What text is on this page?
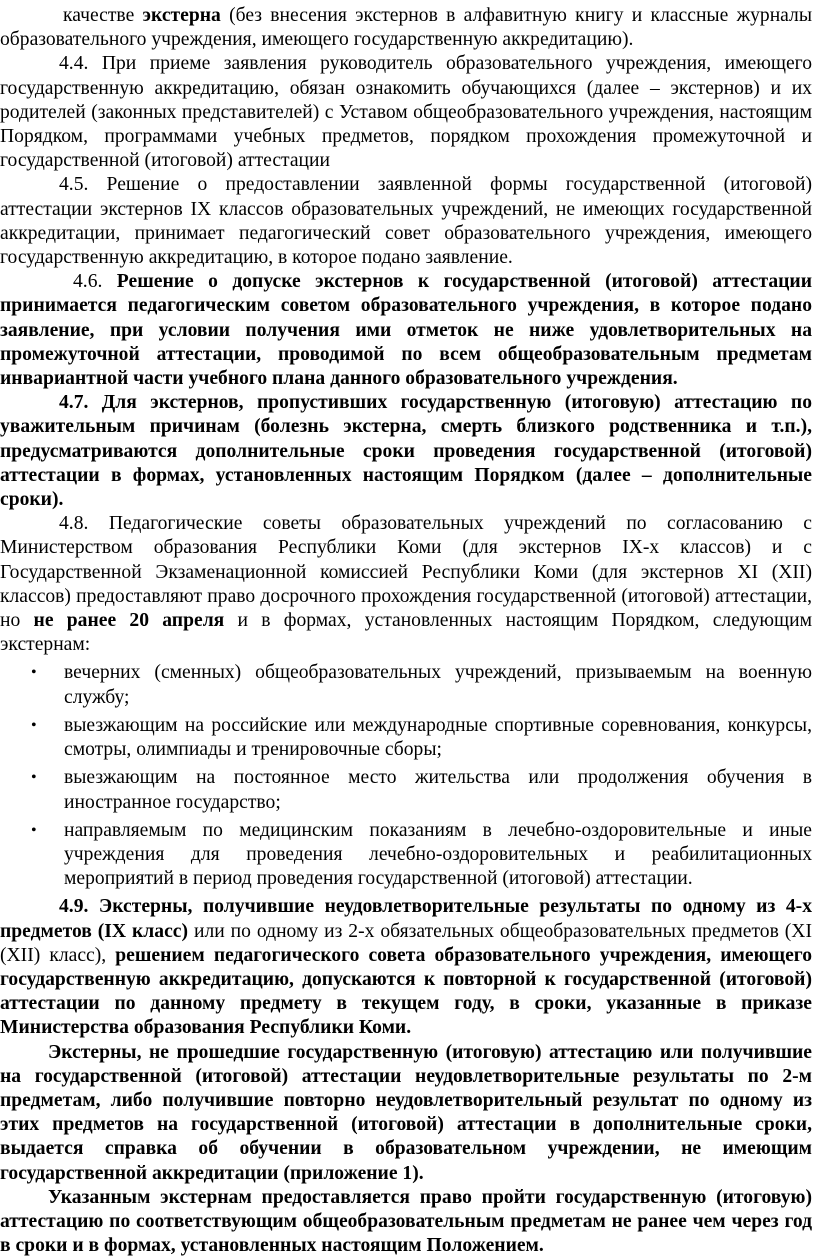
качестве экстерна (без внесения экстернов в алфавитную книгу и классные журналы образовательного учреждения, имеющего государственную аккредитацию).

4.4. При приеме заявления руководитель образовательного учреждения, имеющего государственную аккредитацию, обязан ознакомить обучающихся (далее – экстернов) и их родителей (законных представителей) с Уставом общеобразовательного учреждения, настоящим Порядком, программами учебных предметов, порядком прохождения промежуточной и государственной (итоговой) аттестации

4.5. Решение о предоставлении заявленной формы государственной (итоговой) аттестации экстернов IX классов образовательных учреждений, не имеющих государственной аккредитации, принимает педагогический совет образовательного учреждения, имеющего государственную аккредитацию, в которое подано заявление.

4.6. Решение о допуске экстернов к государственной (итоговой) аттестации принимается педагогическим советом образовательного учреждения, в которое подано заявление, при условии получения ими отметок не ниже удовлетворительных на промежуточной аттестации, проводимой по всем общеобразовательным предметам инвариантной части учебного плана данного образовательного учреждения.

4.7. Для экстернов, пропустивших государственную (итоговую) аттестацию по уважительным причинам (болезнь экстерна, смерть близкого родственника и т.п.), предусматриваются дополнительные сроки проведения государственной (итоговой) аттестации в формах, установленных настоящим Порядком (далее – дополнительные сроки).

4.8. Педагогические советы образовательных учреждений по согласованию с Министерством образования Республики Коми (для экстернов IX-х классов) и с Государственной Экзаменационной комиссией Республики Коми (для экстернов XI (XII) классов) предоставляют право досрочного прохождения государственной (итоговой) аттестации, но не ранее 20 апреля и в формах, установленных настоящим Порядком, следующим экстернам:

• вечерних (сменных) общеобразовательных учреждений, призываемым на военную службу;
• выезжающим на российские или международные спортивные соревнования, конкурсы, смотры, олимпиады и тренировочные сборы;
• выезжающим на постоянное место жительства или продолжения обучения в иностранное государство;
• направляемым по медицинским показаниям в лечебно-оздоровительные и иные учреждения для проведения лечебно-оздоровительных и реабилитационных мероприятий в период проведения государственной (итоговой) аттестации.

4.9. Экстерны, получившие неудовлетворительные результаты по одному из 4-х предметов (IX класс) или по одному из 2-х обязательных общеобразовательных предметов (XI (XII) класс), решением педагогического совета образовательного учреждения, имеющего государственную аккредитацию, допускаются к повторной к государственной (итоговой) аттестации по данному предмету в текущем году, в сроки, указанные в приказе Министерства образования Республики Коми.

Экстерны, не прошедшие государственную (итоговую) аттестацию или получившие на государственной (итоговой) аттестации неудовлетворительные результаты по 2-м предметам, либо получившие повторно неудовлетворительный результат по одному из этих предметов на государственной (итоговой) аттестации в дополнительные сроки, выдается справка об обучении в образовательном учреждении, не имеющим государственной аккредитации (приложение 1).

Указанным экстернам предоставляется право пройти государственную (итоговую) аттестацию по соответствующим общеобразовательным предметам не ранее чем через год в сроки и в формах, установленных настоящим Положением.
